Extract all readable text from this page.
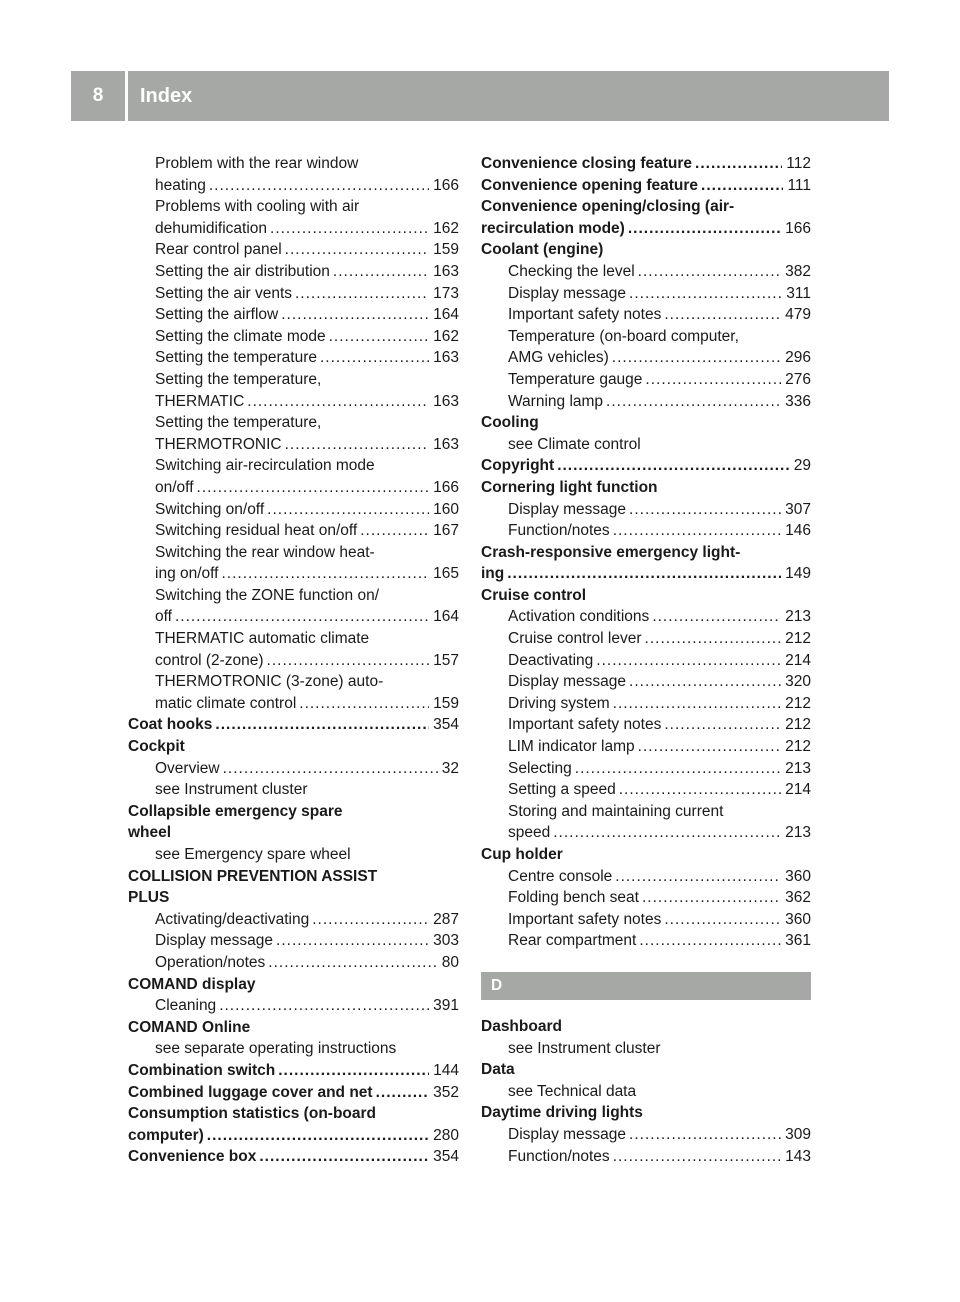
8	Index
Problem with the rear window
heating .....	166
Problems with cooling with air
dehumidification .....	162
Rear control panel .....	159
Setting the air distribution .....	163
Setting the air vents .....	173
Setting the airflow .....	164
Setting the climate mode .....	162
Setting the temperature .....	163
Setting the temperature,
THERMATIC .....	163
Setting the temperature,
THERMOTRONIC .....	163
Switching air-recirculation mode
on/off .....	166
Switching on/off .....	160
Switching residual heat on/off .....	167
Switching the rear window heat-
ing on/off .....	165
Switching the ZONE function on/
off .....	164
THERMATIC automatic climate
control (2-zone) .....	157
THERMOTRONIC (3-zone) auto-
matic climate control .....	159
Coat hooks .....	354
Cockpit
Overview .....	32
see Instrument cluster
Collapsible emergency spare
wheel
see Emergency spare wheel
COLLISION PREVENTION ASSIST
PLUS
Activating/deactivating .....	287
Display message .....	303
Operation/notes .....	80
COMAND display
Cleaning .....	391
COMAND Online
see separate operating instructions
Combination switch .....	144
Combined luggage cover and net .....	352
Consumption statistics (on-board
computer) .....	280
Convenience box .....	354
Convenience closing feature .....	112
Convenience opening feature .....	111
Convenience opening/closing (air-
recirculation mode) .....	166
Coolant (engine)
Checking the level .....	382
Display message .....	311
Important safety notes .....	479
Temperature (on-board computer,
AMG vehicles) .....	296
Temperature gauge .....	276
Warning lamp .....	336
Cooling
see Climate control
Copyright .....	29
Cornering light function
Display message .....	307
Function/notes .....	146
Crash-responsive emergency light-
ing .....	149
Cruise control
Activation conditions .....	213
Cruise control lever .....	212
Deactivating .....	214
Display message .....	320
Driving system .....	212
Important safety notes .....	212
LIM indicator lamp .....	212
Selecting .....	213
Setting a speed .....	214
Storing and maintaining current
speed .....	213
Cup holder
Centre console .....	360
Folding bench seat .....	362
Important safety notes .....	360
Rear compartment .....	361
D
Dashboard
see Instrument cluster
Data
see Technical data
Daytime driving lights
Display message .....	309
Function/notes .....	143
